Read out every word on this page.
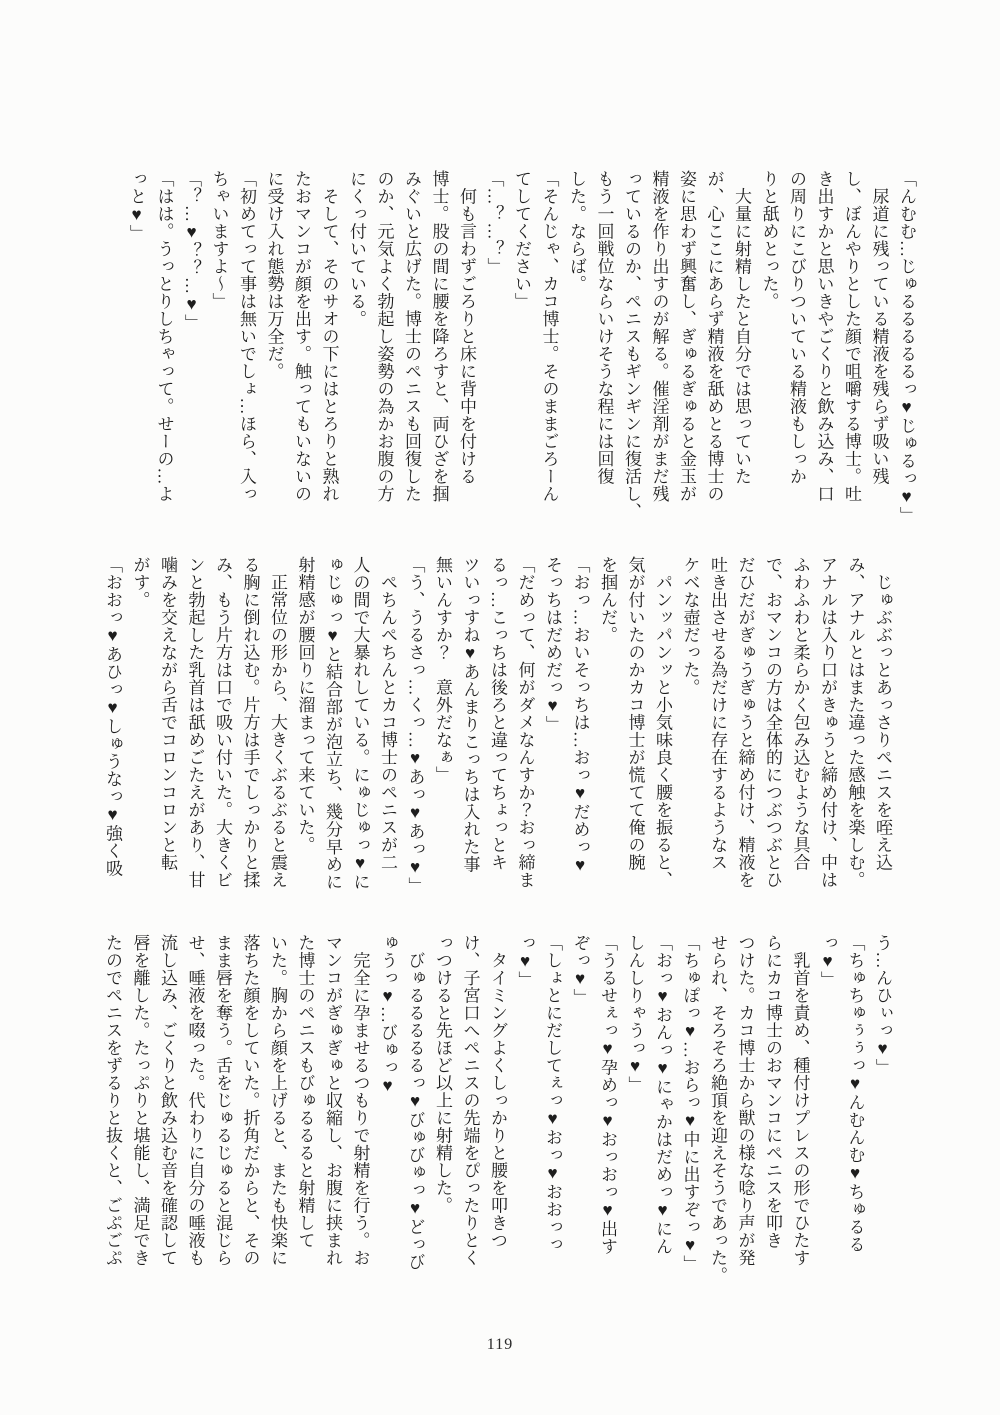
「んむむ…じゅるるるるるっ♥じゅるっ♥」
　尿道に残っている精液を残らず吸い残
し、ぼんやりとした顔で咀嚼する博士。吐
き出すかと思いきやごくりと飲み込み、口
の周りにこびりついている精液もしっか
りと舐めとった。
　大量に射精したと自分では思っていた
が、心ここにあらず精液を舐めとる博士の
姿に思わず興奮し、ぎゅるぎゅると金玉が
精液を作り出すのが解る。催淫剤がまだ残
っているのか、ペニスもギンギンに復活し、
もう一回戦位ならいけそうな程には回復
した。ならば。
「そんじゃ、カコ博士。そのままごろーん
てしてください」
「…？…？」
　何も言わずごろりと床に背中を付ける
博士。股の間に腰を降ろすと、両ひざを掴
みぐいと広げた。博士のペニスも回復した
のか、元気よく勃起し姿勢の為かお腹の方
にくっ付いている。
　そして、そのサオの下にはとろりと熟れ
たおマンコが顔を出す。触ってもいないの
に受け入れ態勢は万全だ。
「初めてって事は無いでしょ…ほら、入っ
ちゃいますよ〜」
「？…♥？？…♥」
「はは。うっとりしちゃって。せーの…よ
っと♥」
　じゅぶぶっとあっさりペニスを咥え込
み、アナルとはまた違った感触を楽しむ。
アナルは入り口がきゅうと締め付け、中は
ふわふわと柔らかく包み込むような具合
で、おマンコの方は全体的につぶつぶとひ
だひだがぎゅうぎゅうと締め付け、精液を
吐き出させる為だけに存在するようなス
ケベな壺だった。
　パンッパンッと小気味良く腰を振ると、
気が付いたのかカコ博士が慌てて俺の腕
を掴んだ。
「おっ…おいそっちは…おっ♥だめっ♥
そっちはだめだっ♥」
「だめって、何がダメなんすか？おっ締ま
るっ…こっちは後ろと違ってちょっとキ
ツいっすね♥あんまりこっちは入れた事
無いんすか？　意外だなぁ」
「う、うるさっ…くっ…♥あっ♥あっ♥」
　ぺちんぺちんとカコ博士のペニスが二
人の間で大暴れしている。にゅじゅっ♥に
ゅじゅっ♥と結合部が泡立ち、幾分早めに
射精感が腰回りに溜まって来ていた。
　正常位の形から、大きくぶるぶると震え
る胸に倒れ込む。片方は手でしっかりと揉
み、もう片方は口で吸い付いた。大きくビ
ンと勃起した乳首は舐めごたえがあり、甘
噛みを交えながら舌でコロンコロンと転
がす。
「おおっ♥あひっ♥しゅうなっ♥強く吸
う…んひぃっ♥」
「ちゅちゅぅぅっ♥んむんむ♥ちゅるる
っ♥」
　乳首を責め、種付けプレスの形でひたす
らにカコ博士のおマンコにペニスを叩き
つけた。カコ博士から獣の様な唸り声が発
せられ、そろそろ絶頂を迎えそうであった。
「ちゅぽっ♥…おらっ♥中に出すぞっ♥」
「おっ♥おんっ♥にゃかはだめっ♥にん
しんしりゃうっ♥」
「うるせぇっ♥孕めっ♥おっおっ♥出す
ぞっ♥」
「しょとにだしてぇっ♥おっ♥おおっっ
っ♥」
　タイミングよくしっかりと腰を叩きつ
け、子宮口へペニスの先端をぴったりとく
っつけると先ほど以上に射精した。
　びゅるるるるるっ♥びゅびゅっ♥どっび
ゅうっ♥…びゅっ♥
　完全に孕ませるつもりで射精を行う。お
マンコがぎゅぎゅと収縮し、お腹に挟まれ
た博士のペニスもびゅるるると射精して
いた。胸から顔を上げると、またも快楽に
落ちた顔をしていた。折角だからと、その
まま唇を奪う。舌をじゅるじゅると混じら
せ、唾液を啜った。代わりに自分の唾液も
流し込み、ごくりと飲み込む音を確認して
唇を離した。たっぷりと堪能し、満足でき
たのでペニスをずるりと抜くと、ごぷごぷ
119
